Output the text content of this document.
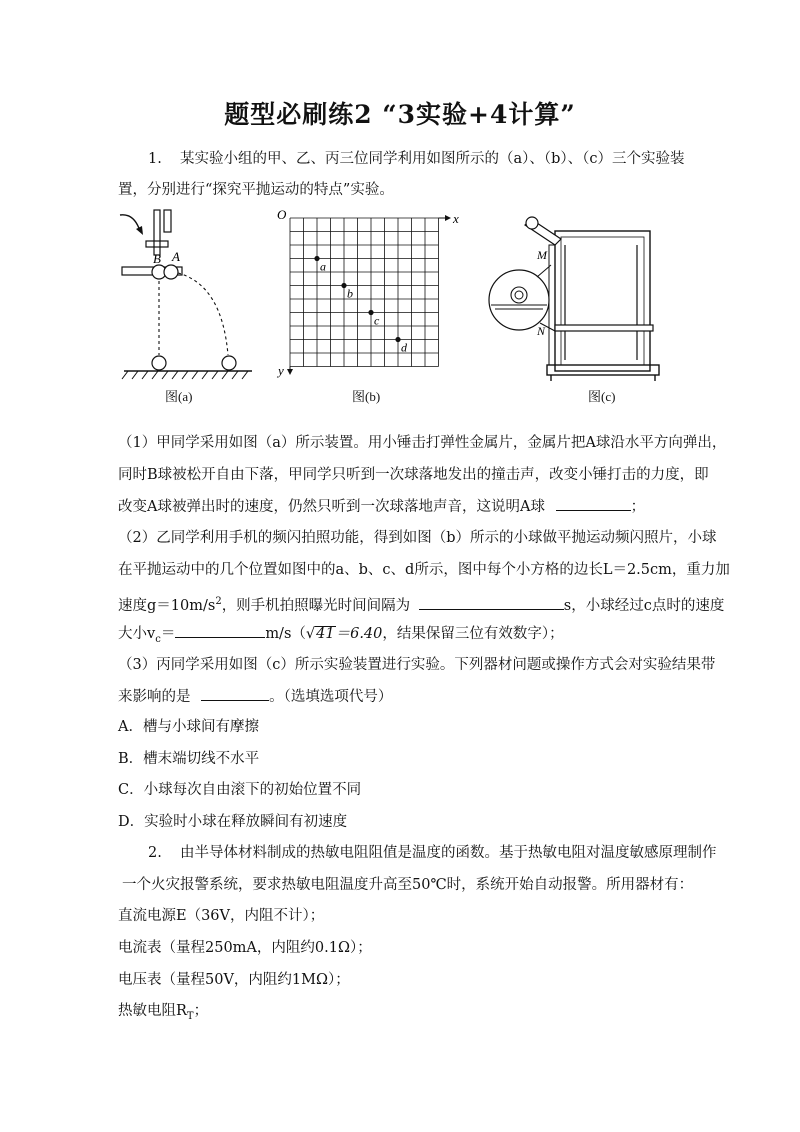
题型必刷练2 “3实验+4计算”
1. 某实验小组的甲、乙、丙三位同学利用如图所示的（a）、（b）、（c）三个实验装
置，分别进行“探究平抛运动的特点”实验。
B A
图(a)
O	x
y
a
b
c
d
图(b)
M
N
图(c)
（1）甲同学采用如图（a）所示装置。用小锤击打弹性金属片，金属片把A球沿水平方向弹出，
同时B球被松开自由下落，甲同学只听到一次球落地发出的撞击声，改变小锤打击的力度，即
改变A球被弹出时的速度，仍然只听到一次球落地声音，这说明A球	；
（2）乙同学利用手机的频闪拍照功能，得到如图（b）所示的小球做平抛运动频闪照片，小球
在平抛运动中的几个位置如图中的a、b、c、d所示，图中每个小方格的边长L＝2.5cm，重力加
速度$g=10m/s^2$，则手机拍照曝光时间间隔为	s，小球经过c点时的速度
大小$v_c=$	m/s（√41＝6.40，结果保留三位有效数字）；
（3）丙同学采用如图（c）所示实验装置进行实验。下列器材问题或操作方式会对实验结果带
来影响的是	。（选填选项代号）
A．槽与小球间有摩擦
B．槽末端切线不水平
C．小球每次自由滚下的初始位置不同
D．实验时小球在释放瞬间有初速度
2. 由半导体材料制成的热敏电阻阻值是温度的函数。基于热敏电阻对温度敏感原理制作
一个火灾报警系统，要求热敏电阻温度升高至50℃时，系统开始自动报警。所用器材有：
直流电源E（36V，内阻不计）；
电流表（量程250mA，内阻约0.1Ω）；
电压表（量程50V，内阻约1MΩ）；
热敏电阻$R_T$；
